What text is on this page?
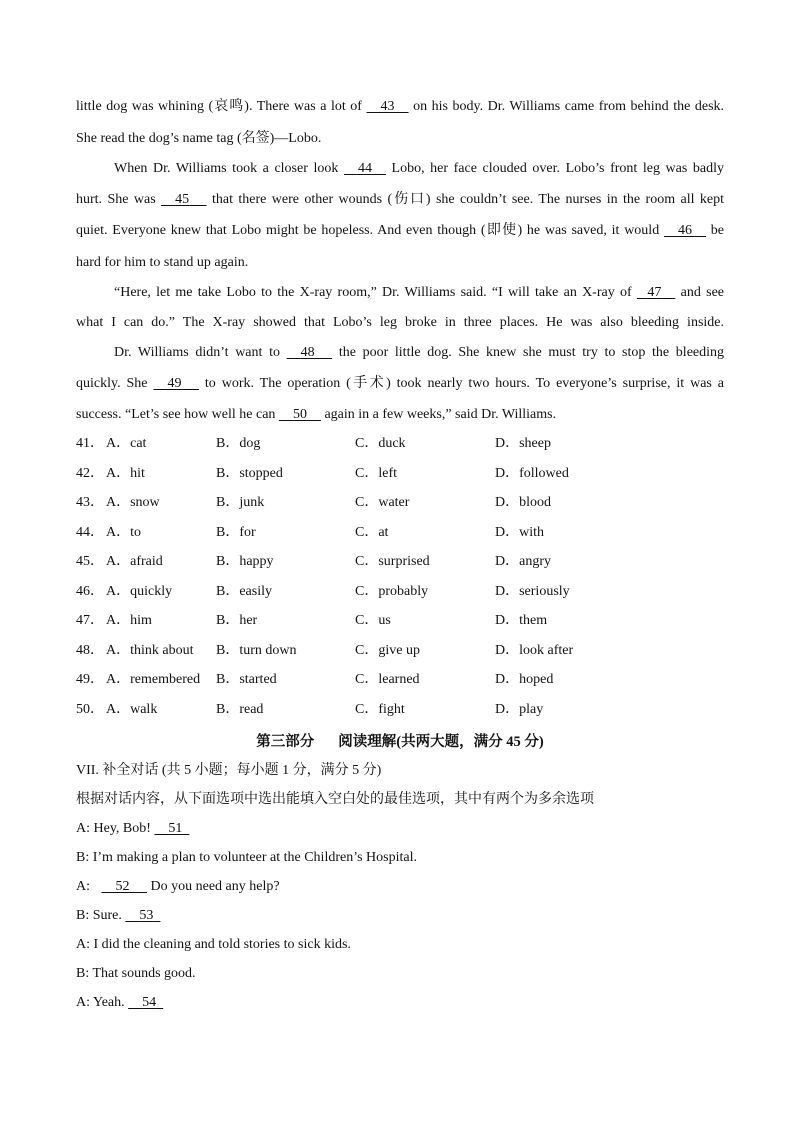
little dog was whining (哀鸣). There was a lot of 43 on his body. Dr. Williams came from behind the desk.
She read the dog’s name tag (名签)—Lobo.
When Dr. Williams took a closer look 44 Lobo, her face clouded over. Lobo’s front leg was badly
hurt. She was 45 that there were other wounds (伤口) she couldn’t see. The nurses in the room all kept
quiet. Everyone knew that Lobo might be hopeless. And even though (即使) he was saved, it would 46 be
hard for him to stand up again.
“Here, let me take Lobo to the X-ray room,” Dr. Williams said. “I will take an X-ray of 47 and see
what I can do.” The X-ray showed that Lobo’s leg broke in three places. He was also bleeding inside.
Dr. Williams didn’t want to 48 the poor little dog. She knew she must try to stop the bleeding
quickly. She 49 to work. The operation (手术) took nearly two hours. To everyone’s surprise, it was a
success. “Let’s see how well he can 50 again in a few weeks,” said Dr. Williams.
41． A．cat	B．dog	C．duck	D．sheep
42． A．hit	B．stopped	C．left	D．followed
43． A．snow	B．junk	C．water	D．blood
44． A．to	B．for	C．at	D．with
45． A．afraid	B．happy	C．surprised	D．angry
46． A．quickly	B．easily	C．probably	D．seriously
47． A．him	B．her	C．us	D．them
48． A．think about B．turn down	C．give up	D．look after
49． A．remembered B．started	C．learned	D．hoped
50． A．walk	B．read	C．fight	D．play
第三部分 阅读理解(共两大题，满分 45 分)
VII. 补全对话 (共 5 小题；每小题 1 分，满分 5 分)
根据对话内容，从下面选项中选出能填入空白处的最佳选项，其中有两个为多余选项
A: Hey, Bob!     51
B: I’m making a plan to volunteer at the Children’s Hospital.
A:     52 Do you need any help?
B: Sure.     53
A: I did the cleaning and told stories to sick kids.
B: That sounds good.
A: Yeah.     54
